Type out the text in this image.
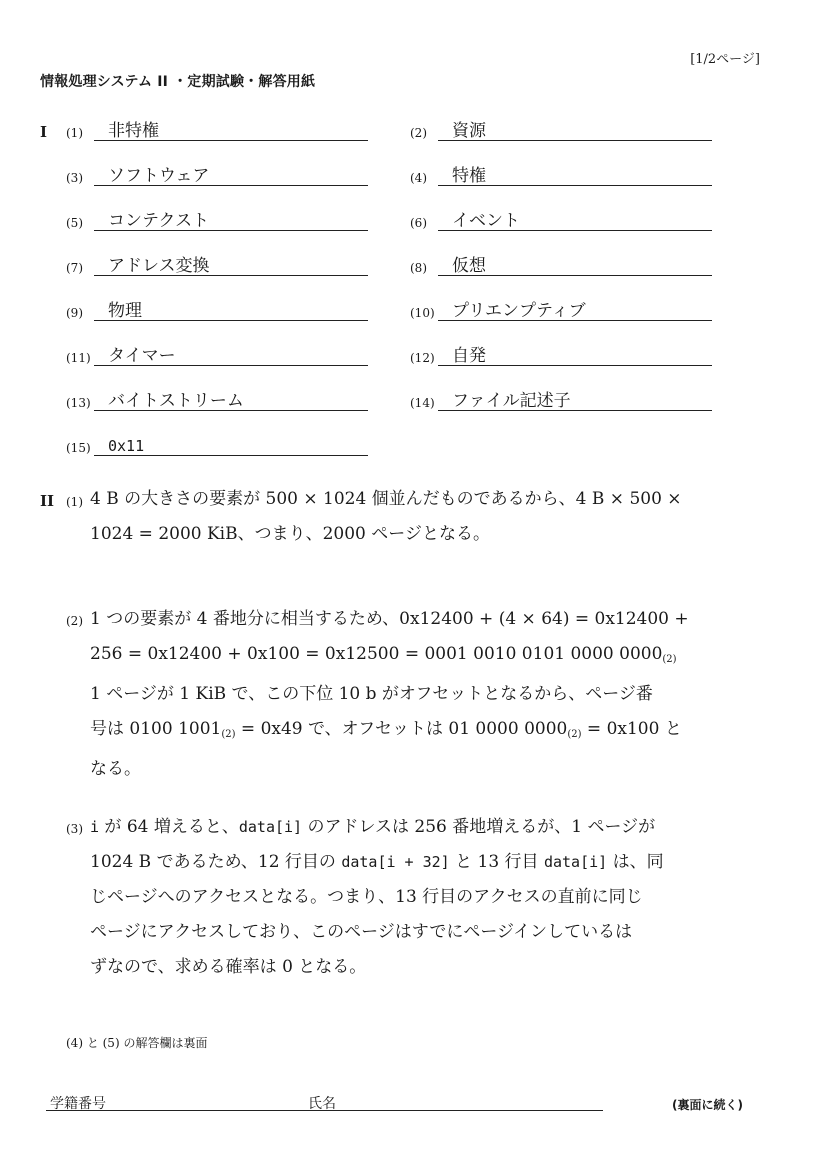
[1/2ページ]
情報処理システム II ・定期試験・解答用紙
I (1)	非特権	(2)	資源
(3)	ソフトウェア	(4)	特権
(5)	コンテクスト	(6)	イベント
(7)	アドレス変換	(8)	仮想
(9)	物理	(10)	プリエンプティブ
(11)	タイマー	(12)	自発
(13)	バイトストリーム	(14)	ファイル記述子
(15)	0x11
II (1) 4 B の大きさの要素が 500 × 1024 個並んだものであるから、4 B × 500 ×
1024 = 2000 KiB、つまり、2000 ページとなる。
(2) 1 つの要素が 4 番地分に相当するため、0x12400 + (4 × 64) = 0x12400 +
256 = 0x12400 + 0x100 = 0x12500 = 0001 0010 0101 0000 $0000_{(2)}$
1 ページが 1 KiB で、この下位 10 b がオフセットとなるから、ページ番
号は 0100 $1001_{(2)} = 0x49$ で、オフセットは 01 0000 $0000_{(2)} = 0x100$ と
なる。
(3) i が 64 増えると、data[i] のアドレスは 256 番地増えるが、1 ページが
1024 B であるため、12 行目の data[i + 32] と 13 行目 data[i] は、同
じページへのアクセスとなる。つまり、13 行目のアクセスの直前に同じ
ページにアクセスしており、このページはすでにページインしているは
ずなので、求める確率は 0 となる。
(4) と (5) の解答欄は裏面
学籍番号	氏名	(裏面に続く)
